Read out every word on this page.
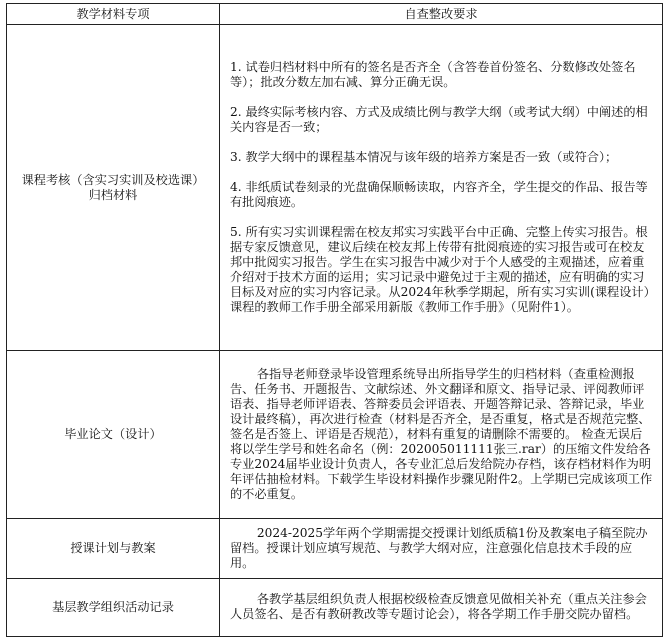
教学材料专项	自查整改要求
课程考核（含实习实训及校选课）归档材料	1. 试卷归档材料中所有的签名是否齐全（含答卷首份签名、分数修改处签名等）；批改分数左加右减、算分正确无误。

2. 最终实际考核内容、方式及成绩比例与教学大纲（或考试大纲）中阐述的相关内容是否一致；

3. 教学大纲中的课程基本情况与该年级的培养方案是否一致（或符合）；

4. 非纸质试卷刻录的光盘确保顺畅读取，内容齐全，学生提交的作品、报告等有批阅痕迹。

5. 所有实习实训课程需在校友邦实习实践平台中正确、完整上传实习报告。根据专家反馈意见，建议后续在校友邦上传带有批阅痕迹的实习报告或可在校友邦中批阅实习报告。学生在实习报告中减少对于个人感受的主观描述，应着重介绍对于技术方面的运用；实习记录中避免过于主观的描述，应有明确的实习目标及对应的实习内容记录。从2024年秋季学期起，所有实习实训(课程设计）课程的教师工作手册全部采用新版《教师工作手册》（见附件1）。

毕业论文（设计）	各指导老师登录毕设管理系统导出所指导学生的归档材料（查重检测报告、任务书、开题报告、文献综述、外文翻译和原文、指导记录、评阅教师评语表、指导老师评语表、答辩委员会评语表、开题答辩记录、答辩记录，毕业设计最终稿），再次进行检查（材料是否齐全，是否重复，格式是否规范完整、签名是否签上、评语是否规范），材料有重复的请删除不需要的。 检查无误后将以学生学号和姓名命名（例：202005011111张三.rar）的压缩文件发给各专业2024届毕业设计负责人，各专业汇总后发给院办存档，该存档材料作为明年评估抽检材料。下载学生毕设材料操作步骤见附件2。上学期已完成该项工作的不必重复。

授课计划与教案	2024-2025学年两个学期需提交授课计划纸质稿1份及教案电子稿至院办留档。授课计划应填写规范、与教学大纲对应，注意强化信息技术手段的应用。

基层教学组织活动记录	各教学基层组织负责人根据校级检查反馈意见做相关补充（重点关注参会人员签名、是否有教研教改等专题讨论会），将各学期工作手册交院办留档。
